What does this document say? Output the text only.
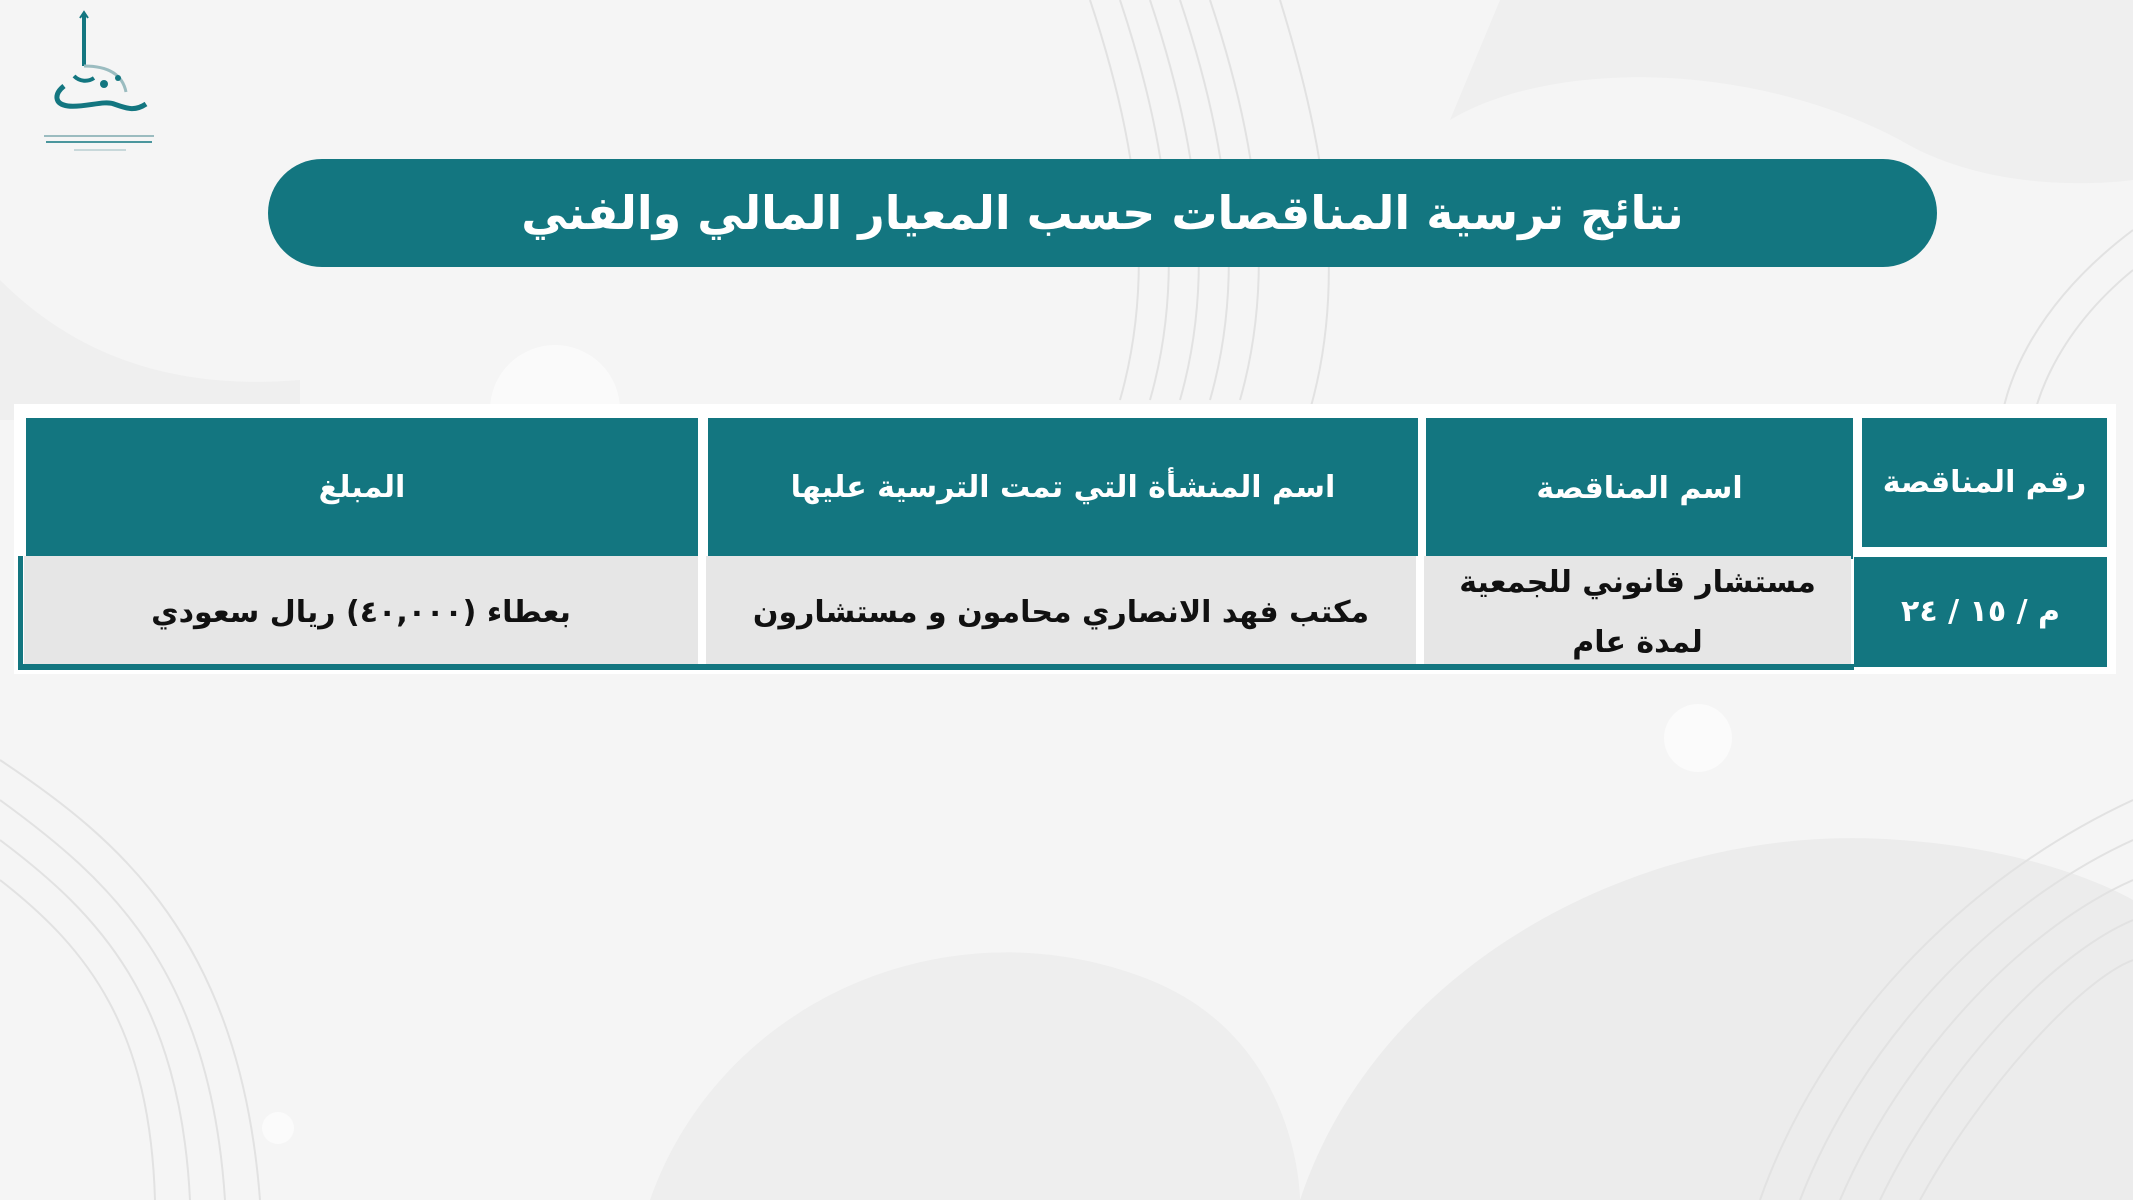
نتائج ترسية المناقصات حسب المعيار المالي والفني
رقم المناقصة
اسم المناقصة
اسم المنشأة التي تمت الترسية عليها
المبلغ
م / ١٥ / ٢٤
مستشار قانوني للجمعية
لمدة عام
مكتب فهد الانصاري محامون و مستشارون
بعطاء (٤٠,٠٠٠) ريال سعودي
